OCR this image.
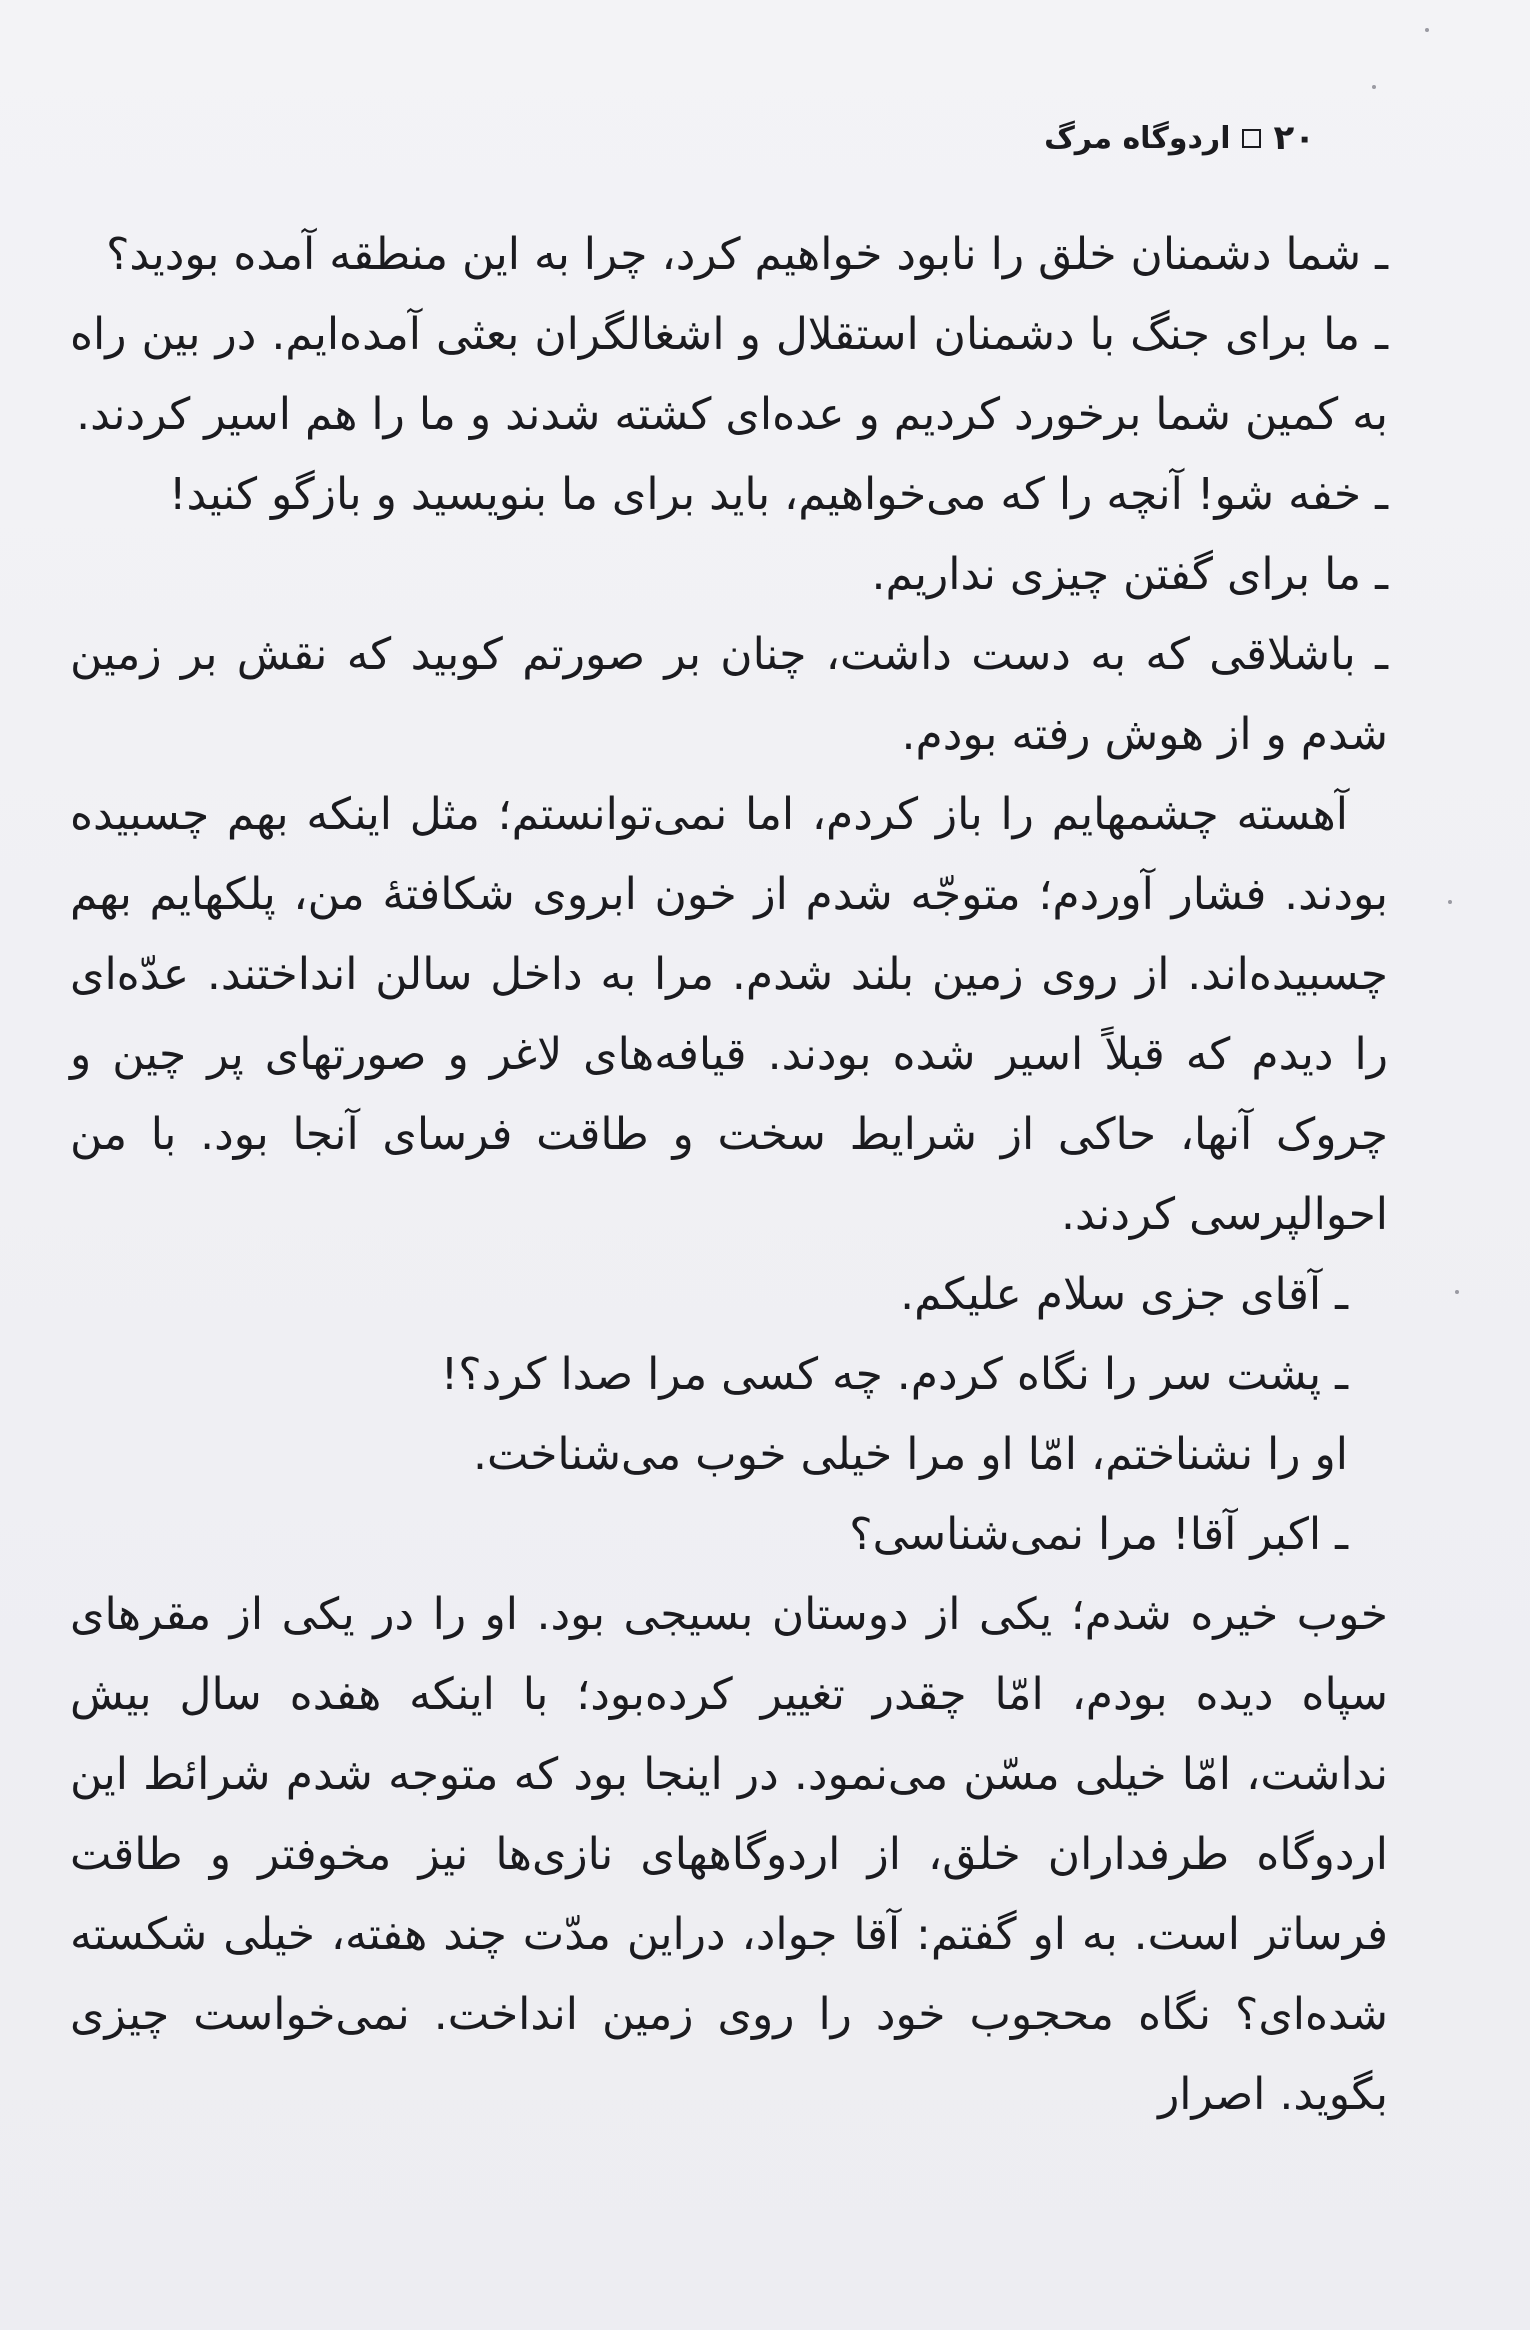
۲۰
اردوگاه مرگ

ـ شما دشمنان خلق را نابود خواهیم کرد، چرا به این منطقه آمده بودید؟

ـ ما برای جنگ با دشمنان استقلال و اشغالگران بعثی آمده‌ایم. در بین راه به کمین شما برخورد کردیم و عده‌ای کشته شدند و ما را هم اسیر کردند.

ـ خفه شو! آنچه را که می‌خواهیم، باید برای ما بنویسید و بازگو کنید!

ـ ما برای گفتن چیزی نداریم.

ـ باشلاقی که به دست داشت، چنان بر صورتم کوبید که نقش بر زمین شدم و از هوش رفته بودم.

آهسته چشمهایم را باز کردم، اما نمی‌توانستم؛ مثل اینکه بهم چسبیده بودند. فشار آوردم؛ متوجّه شدم از خون ابروی شکافتهٔ من، پلکهایم بهم چسبیده‌اند. از روی زمین بلند شدم. مرا به داخل سالن انداختند. عدّه‌ای را دیدم که قبلاً اسیر شده بودند. قیافه‌های لاغر و صورتهای پر چین و چروک آنها، حاکی از شرایط سخت و طاقت فرسای آنجا بود. با من احوالپرسی کردند.

ـ آقای جزی سلام علیکم.

ـ پشت سر را نگاه کردم. چه کسی مرا صدا کرد؟!

او را نشناختم، امّا او مرا خیلی خوب می‌شناخت.

ـ اکبر آقا! مرا نمی‌شناسی؟

خوب خیره شدم؛ یکی از دوستان بسیجی بود. او را در یکی از مقرهای سپاه دیده بودم، امّا چقدر تغییر کرده‌بود؛ با اینکه هفده سال بیش نداشت، امّا خیلی مسّن می‌نمود. در اینجا بود که متوجه شدم شرائط این اردوگاه طرفداران خلق، از اردوگاههای نازی‌ها نیز مخوفتر و طاقت فرساتر است. به او گفتم: آقا جواد، دراین مدّت چند هفته، خیلی شکسته شده‌ای؟ نگاه محجوب خود را روی زمین انداخت. نمی‌خواست چیزی بگوید. اصرار
